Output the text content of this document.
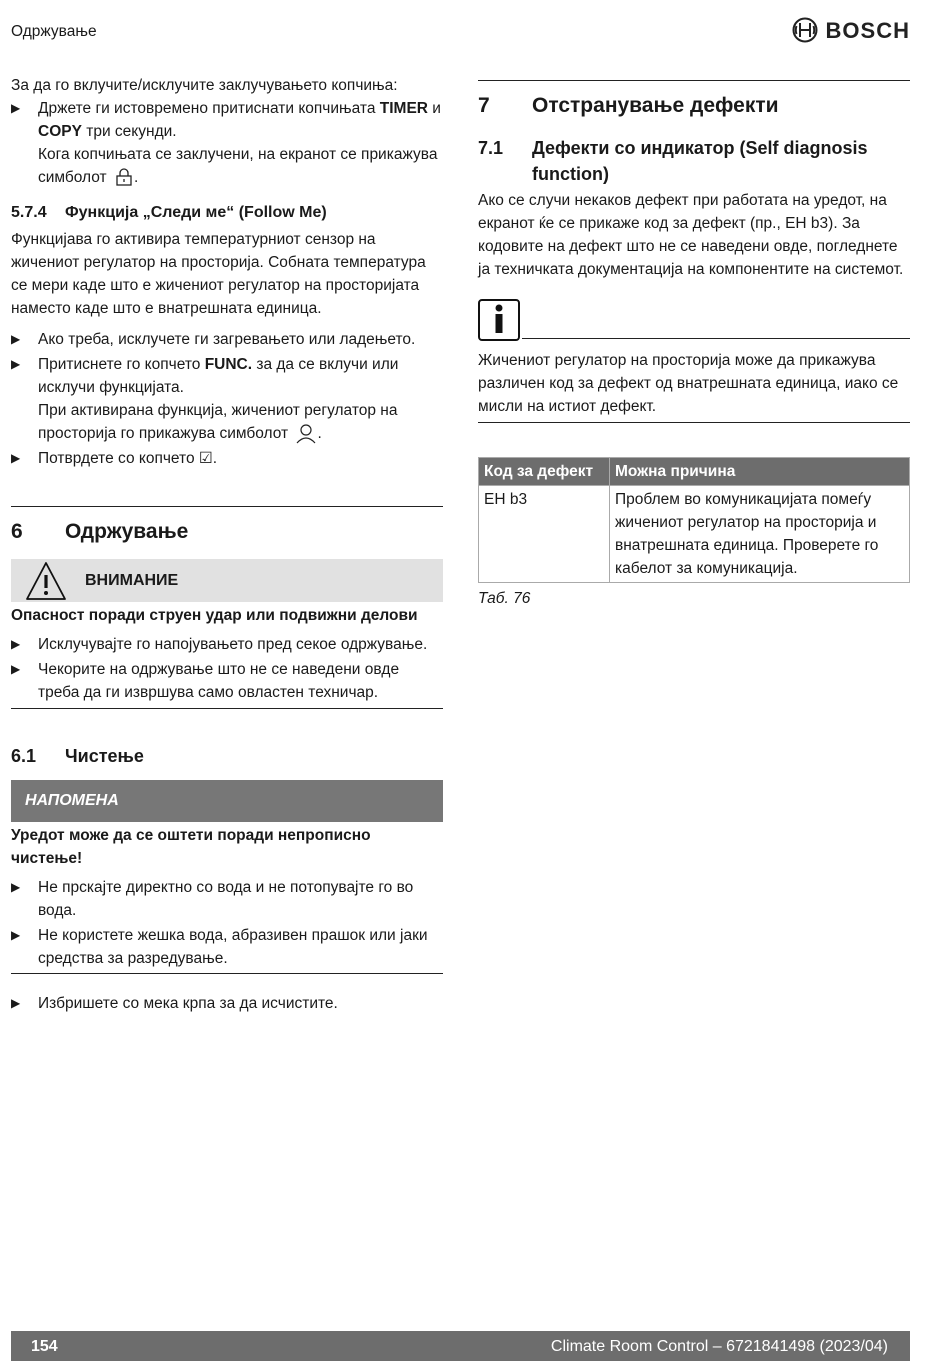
Одржување	BOSCH

За да го вклучите/исклучите заклучувањето копчиња:

▶ Држете ги истовремено притиснати копчињата TIMER и
COPY три секунди.
Кога копчињата се заклучени, на екранот се прикажува
симболот .
5.7.4 Функција „Следи ме“ (Follow Me)

Функцијава го активира температурниот сензор на жичениот регулатор на просторија. Собната температура се мери каде што е жичениот регулатор на просторијата наместо каде што е внатрешната единица.

▶ Ако треба, исклучете ги загревањето или ладењето.
▶ Притиснете го копчето FUNC. за да се вклучи или исклучи функцијата.
При активирана функција, жичениот регулатор на просторија го прикажува симболот .
▶ Потврдете со копчето ☑.
6 Одржување
ВНИМАНИЕ

Опасност поради струен удар или подвижни делови

▶ Исклучувајте го напојувањето пред секое одржување.
▶ Чекорите на одржување што не се наведени овде треба да ги извршува само овластен техничар.
6.1 Чистење
НАПОМЕНА

Уредот може да се оштети поради непрописно чистење!

▶ Не прскајте директно со вода и не потопувајте го во вода.
▶ Не користете жешка вода, абразивен прашок или јаки средства за разредување.
▶ Избришете со мека крпа за да исчистите.
7 Отстранување дефекти
7.1 Дефекти со индикатор (Self diagnosis function)

Ако се случи некаков дефект при работата на уредот, на екранот ќе се прикаже код за дефект (пр., EH b3). За кодовите на дефект што не се наведени овде, погледнете ја техничката документација на компонентите на системот.

Жичениот регулатор на просторија може да прикажува различен код за дефект од внатрешната единица, иако се мисли на истиот дефект.

Код за дефект	Можна причина
EH b3	Проблем во комуникацијата помеѓу жичениот регулатор на просторија и внатрешната единица. Проверете го кабелот за комуникација.

Таб. 76

154	Climate Room Control – 6721841498 (2023/04)
